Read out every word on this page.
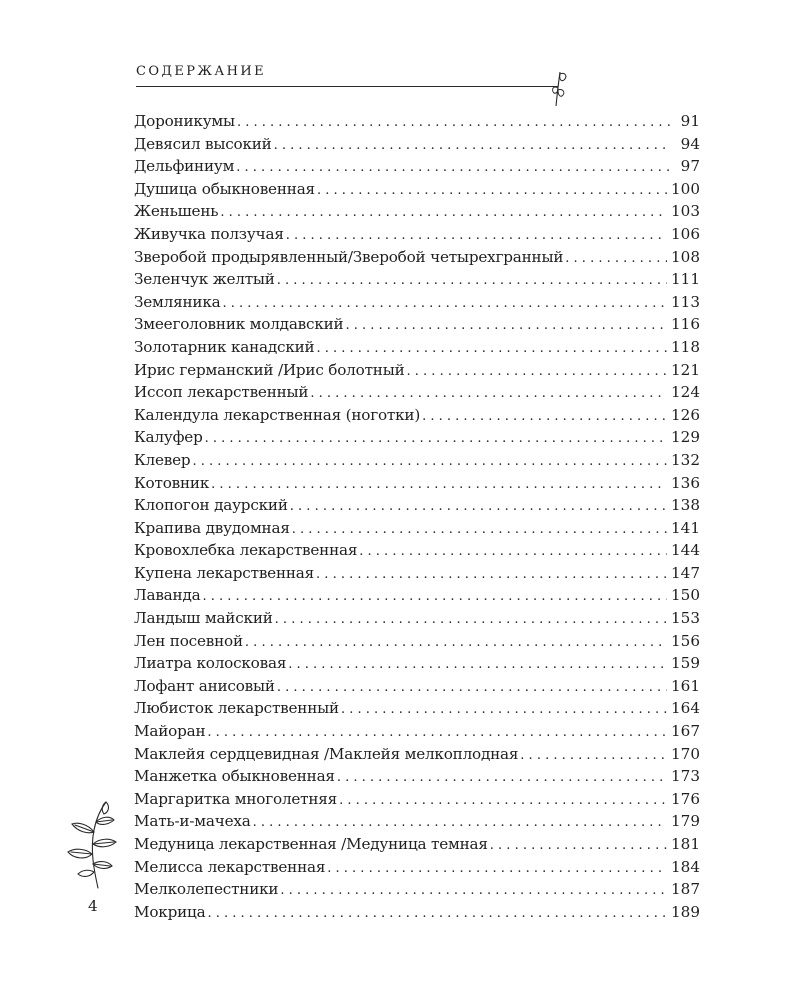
СОДЕРЖАНИЕ
Дороникумы . . .	91
Девясил высокий . . .	94
Дельфиниум . . .	97
Душица обыкновенная . . .	100
Женьшень . . .	103
Живучка ползучая . . .	106
Зверобой продырявленный/Зверобой четырехгранный . . .	108
Зеленчук желтый . . .	111
Земляника . . .	113
Змееголовник молдавский . . .	116
Золотарник канадский . . .	118
Ирис германский /Ирис болотный . . .	121
Иссоп лекарственный . . .	124
Календула лекарственная (ноготки) . . .	126
Калуфер . . .	129
Клевер . . .	132
Котовник . . .	136
Клопогон даурский . . .	138
Крапива двудомная . . .	141
Кровохлебка лекарственная . . .	144
Купена лекарственная . . .	147
Лаванда . . .	150
Ландыш майский . . .	153
Лен посевной . . .	156
Лиатра колосковая . . .	159
Лофант анисовый . . .	161
Любисток лекарственный . . .	164
Майоран . . .	167
Маклейя сердцевидная /Маклейя мелкоплодная . . .	170
Манжетка обыкновенная . . .	173
Маргаритка многолетняя . . .	176
Мать-и-мачеха . . .	179
Медуница лекарственная /Медуница темная . . .	181
Мелисса лекарственная . . .	184
Мелколепестники . . .	187
Мокрица . . .	189
4
